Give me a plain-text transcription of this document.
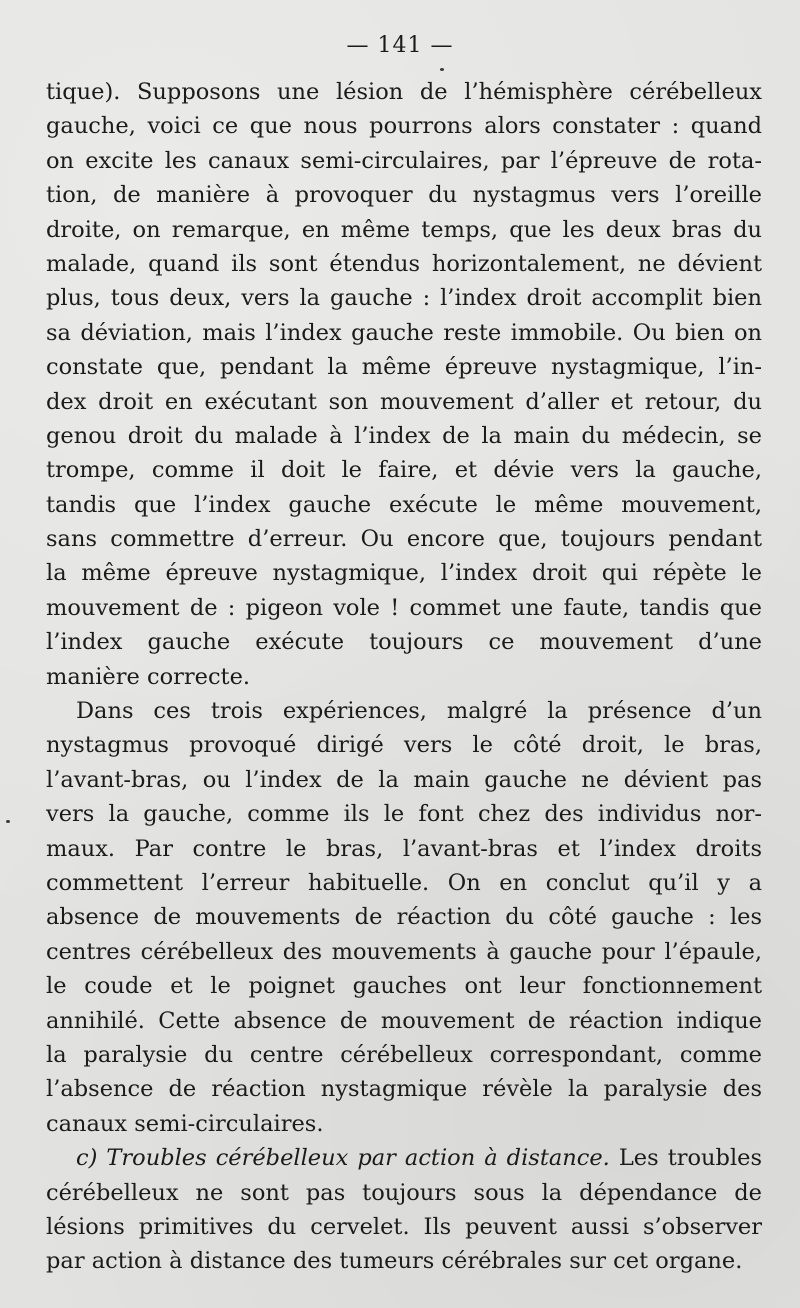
— 141 —
tique). Supposons une lésion de l’hémisphère cérébelleux
gauche, voici ce que nous pourrons alors constater : quand
on excite les canaux semi-circulaires, par l’épreuve de rota-
tion, de manière à provoquer du nystagmus vers l’oreille
droite, on remarque, en même temps, que les deux bras du
malade, quand ils sont étendus horizontalement, ne dévient
plus, tous deux, vers la gauche : l’index droit accomplit bien
sa déviation, mais l’index gauche reste immobile. Ou bien on
constate que, pendant la même épreuve nystagmique, l’in-
dex droit en exécutant son mouvement d’aller et retour, du
genou droit du malade à l’index de la main du médecin, se
trompe, comme il doit le faire, et dévie vers la gauche,
tandis que l’index gauche exécute le même mouvement,
sans commettre d’erreur. Ou encore que, toujours pendant
la même épreuve nystagmique, l’index droit qui répète le
mouvement de : pigeon vole ! commet une faute, tandis que
l’index gauche exécute toujours ce mouvement d’une
manière correcte.
Dans ces trois expériences, malgré la présence d’un
nystagmus provoqué dirigé vers le côté droit, le bras,
l’avant-bras, ou l’index de la main gauche ne dévient pas
vers la gauche, comme ils le font chez des individus nor-
maux. Par contre le bras, l’avant-bras et l’index droits
commettent l’erreur habituelle. On en conclut qu’il y a
absence de mouvements de réaction du côté gauche : les
centres cérébelleux des mouvements à gauche pour l’épaule,
le coude et le poignet gauches ont leur fonctionnement
annihilé. Cette absence de mouvement de réaction indique
la paralysie du centre cérébelleux correspondant, comme
l’absence de réaction nystagmique révèle la paralysie des
canaux semi-circulaires.
c) Troubles cérébelleux par action à distance. Les troubles
cérébelleux ne sont pas toujours sous la dépendance de
lésions primitives du cervelet. Ils peuvent aussi s’observer
par action à distance des tumeurs cérébrales sur cet organe.
